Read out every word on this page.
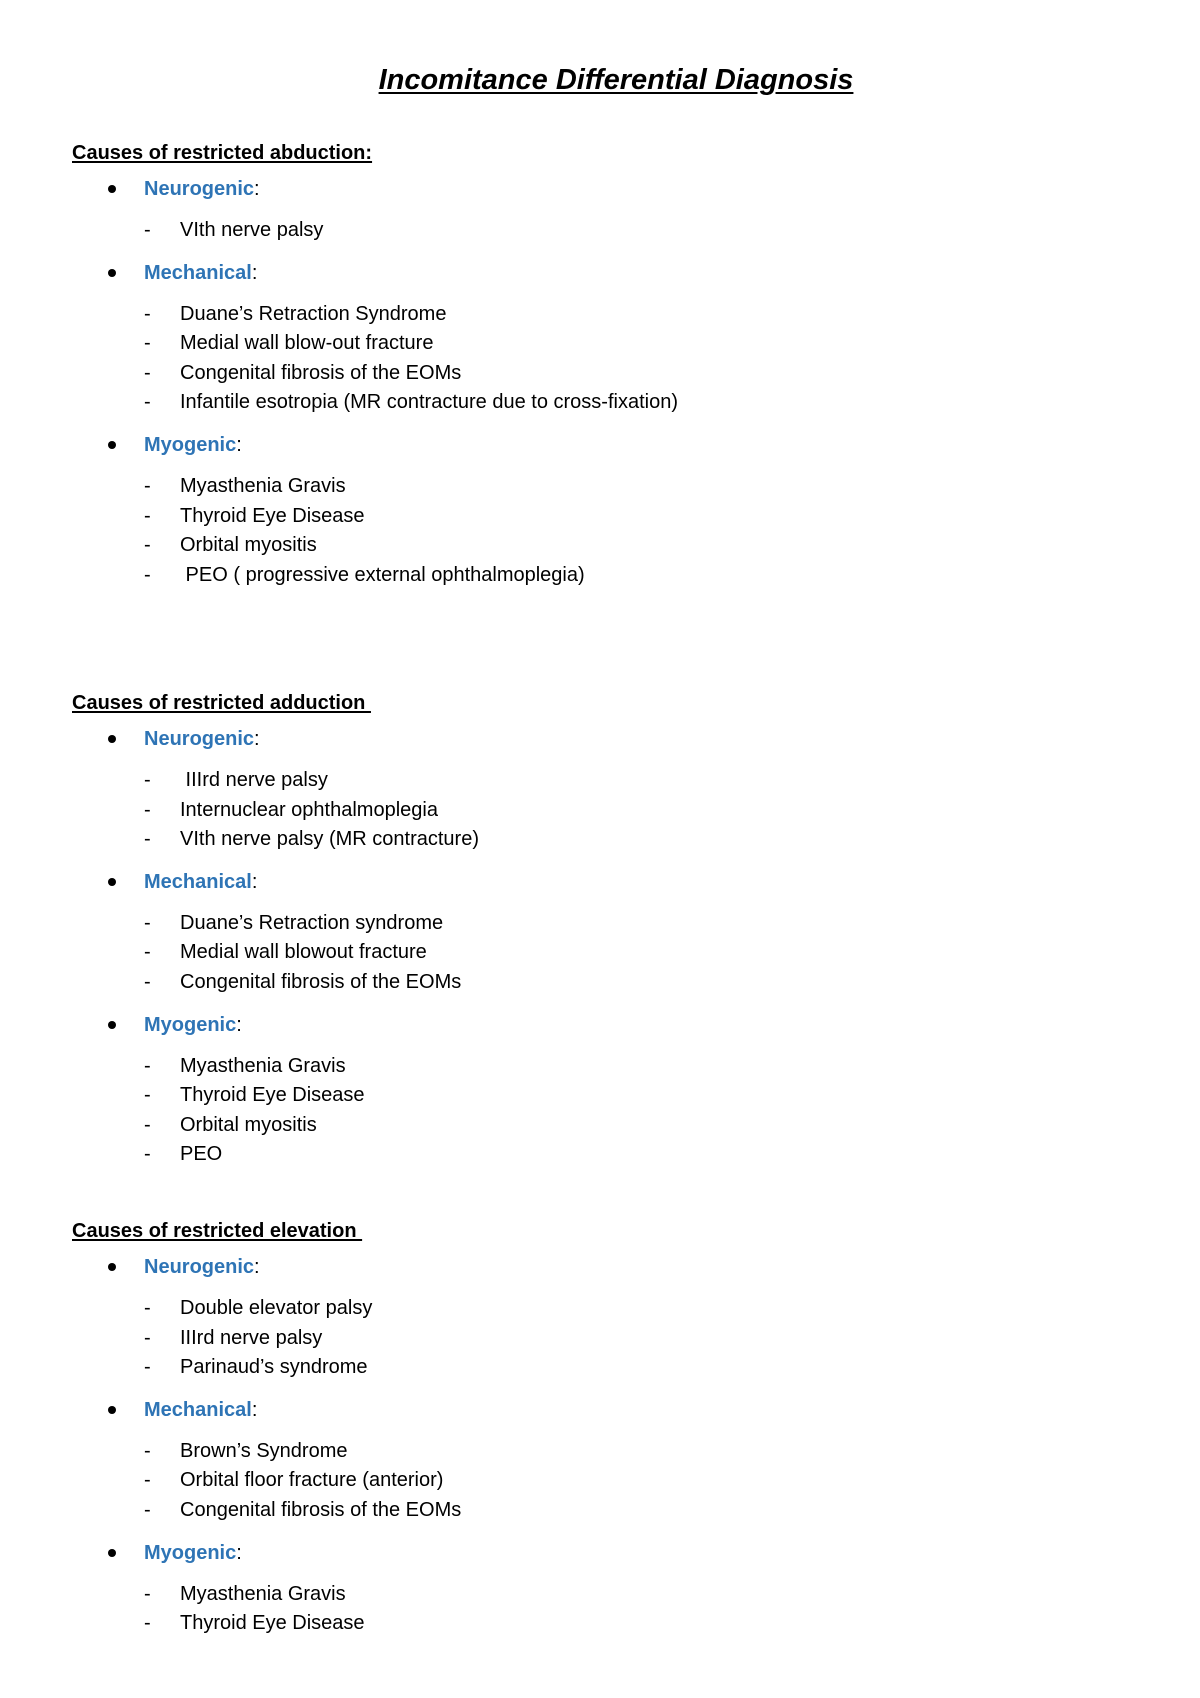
Incomitance Differential Diagnosis
Causes of restricted abduction:
Neurogenic:
- VIth nerve palsy
Mechanical:
- Duane’s Retraction Syndrome
- Medial wall blow-out fracture
- Congenital fibrosis of the EOMs
- Infantile esotropia (MR contracture due to cross-fixation)
Myogenic:
- Myasthenia Gravis
- Thyroid Eye Disease
- Orbital myositis
- PEO ( progressive external ophthalmoplegia)
Causes of restricted adduction
Neurogenic:
- IIIrd nerve palsy
- Internuclear ophthalmoplegia
- VIth nerve palsy (MR contracture)
Mechanical:
- Duane’s Retraction syndrome
- Medial wall blowout fracture
- Congenital fibrosis of the EOMs
Myogenic:
- Myasthenia Gravis
- Thyroid Eye Disease
- Orbital myositis
- PEO
Causes of restricted elevation
Neurogenic:
- Double elevator palsy
- IIIrd nerve palsy
- Parinaud’s syndrome
Mechanical:
- Brown’s Syndrome
- Orbital floor fracture (anterior)
- Congenital fibrosis of the EOMs
Myogenic:
- Myasthenia Gravis
- Thyroid Eye Disease
